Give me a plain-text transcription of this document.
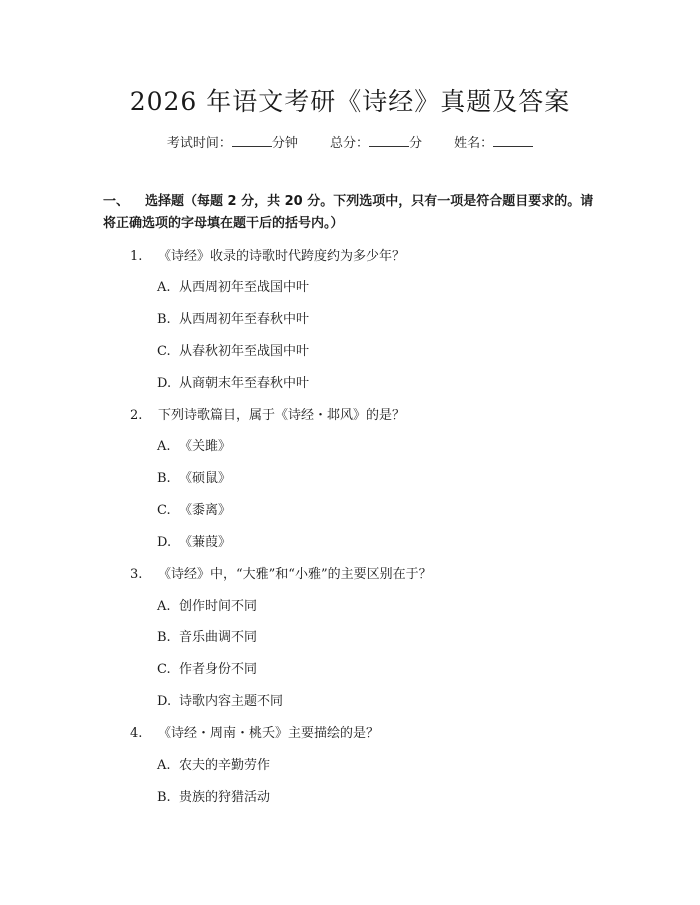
2026 年语文考研《诗经》真题及答案
考试时间：	分钟 总分：	分 姓名：
一、 选择题（每题 2 分，共 20 分。下列选项中，只有一项是符合题目要求的。请将正确选项的字母填在题干后的括号内。）
1. 《诗经》收录的诗歌时代跨度约为多少年？
A. 从西周初年至战国中叶
B. 从西周初年至春秋中叶
C. 从春秋初年至战国中叶
D. 从商朝末年至春秋中叶
2. 下列诗歌篇目，属于《诗经・邶风》的是？
A. 《关雎》
B. 《硕鼠》
C. 《黍离》
D. 《蒹葭》
3. 《诗经》中，“大雅”和“小雅”的主要区别在于？
A. 创作时间不同
B. 音乐曲调不同
C. 作者身份不同
D. 诗歌内容主题不同
4. 《诗经・周南・桃夭》主要描绘的是？
A. 农夫的辛勤劳作
B. 贵族的狩猎活动
